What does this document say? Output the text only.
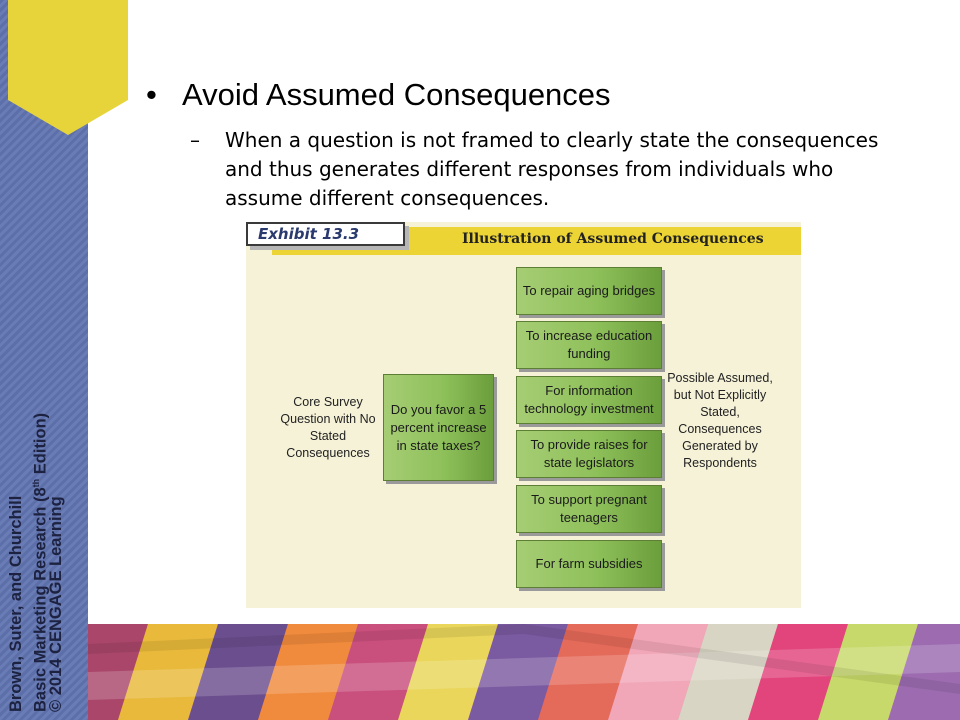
Brown, Suter, and Churchill Basic Marketing Research (8th Edition)
© 2014 CENGAGE Learning
• Avoid Assumed Consequences
– When a question is not framed to clearly state the consequences and thus generates different responses from individuals who assume different consequences.
Exhibit 13.3	Illustration of Assumed Consequences
Core Survey Question with No Stated Consequences
Do you favor a 5 percent increase in state taxes?
To repair aging bridges
To increase education funding
For information technology investment
To provide raises for state legislators
To support pregnant teenagers
For farm subsidies
Possible Assumed, but Not Explicitly Stated, Consequences Generated by Respondents
